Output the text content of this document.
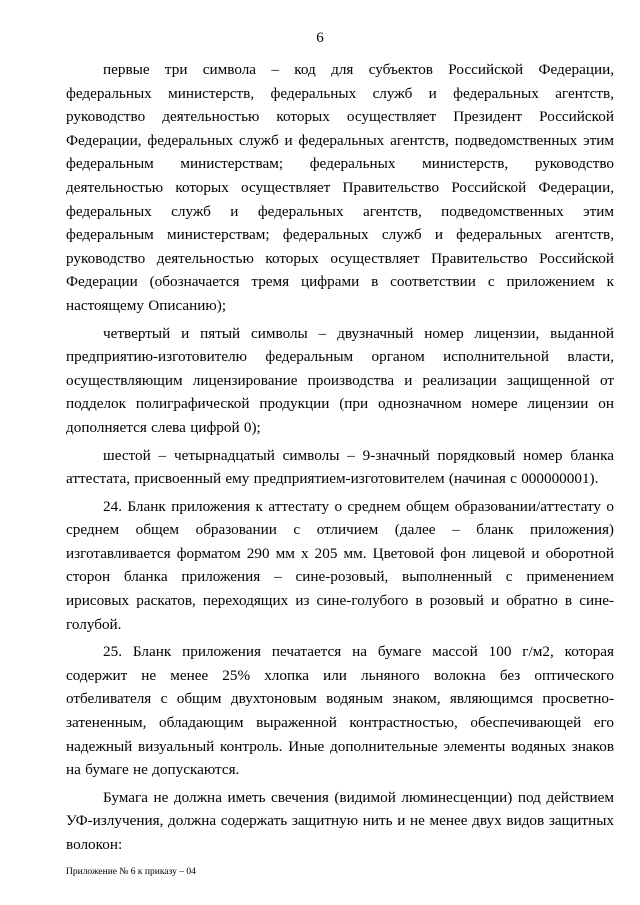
6

первые три символа – код для субъектов Российской Федерации, федеральных министерств, федеральных служб и федеральных агентств, руководство деятельностью которых осуществляет Президент Российской Федерации, федеральных служб и федеральных агентств, подведомственных этим федеральным министерствам; федеральных министерств, руководство деятельностью которых осуществляет Правительство Российской Федерации, федеральных служб и федеральных агентств, подведомственных этим федеральным министерствам; федеральных служб и федеральных агентств, руководство деятельностью которых осуществляет Правительство Российской Федерации (обозначается тремя цифрами в соответствии с приложением к настоящему Описанию);

четвертый и пятый символы – двузначный номер лицензии, выданной предприятию-изготовителю федеральным органом исполнительной власти, осуществляющим лицензирование производства и реализации защищенной от подделок полиграфической продукции (при однозначном номере лицензии он дополняется слева цифрой 0);

шестой – четырнадцатый символы – 9-значный порядковый номер бланка аттестата, присвоенный ему предприятием-изготовителем (начиная с 000000001).

24. Бланк приложения к аттестату о среднем общем образовании/аттестату о среднем общем образовании с отличием (далее – бланк приложения) изготавливается форматом 290 мм х 205 мм. Цветовой фон лицевой и оборотной сторон бланка приложения – сине-розовый, выполненный с применением ирисовых раскатов, переходящих из сине-голубого в розовый и обратно в сине-голубой.

25. Бланк приложения печатается на бумаге массой 100 г/м2, которая содержит не менее 25% хлопка или льняного волокна без оптического отбеливателя с общим двухтоновым водяным знаком, являющимся просветно-затененным, обладающим выраженной контрастностью, обеспечивающей его надежный визуальный контроль. Иные дополнительные элементы водяных знаков на бумаге не допускаются.

Бумага не должна иметь свечения (видимой люминесценции) под действием УФ-излучения, должна содержать защитную нить и не менее двух видов защитных волокон:

Приложение № 6 к приказу – 04
